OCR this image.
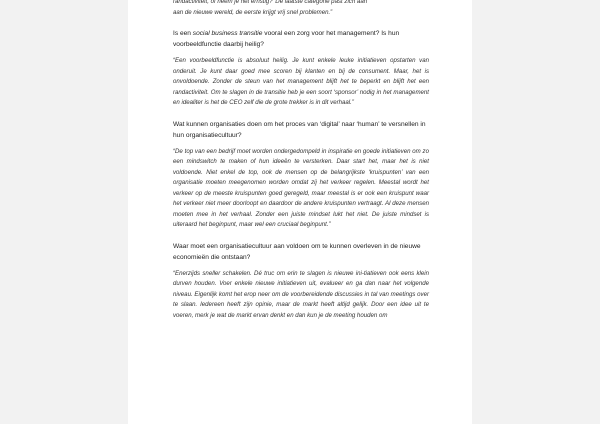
randactiviteit, of neem je het ernstig?’ De laatste categorie past zich aan
aan de nieuwe wereld, de eerste krijgt vrij snel problemen.”

Is een social business transitie vooral een zorg voor het management? Is hun voorbeeldfunctie daarbij heilig?

“Een voorbeeldfunctie is absoluut heilig. Je kunt enkele leuke initiatieven opstarten van onderuit. Je kunt daar goed mee scoren bij klanten en bij de consument. Maar, het is onvoldoende. Zonder de steun van het management blijft het te beperkt en blijft het een randactiviteit. Om te slagen in de transitie heb je een soort ‘sponsor’ nodig in het management en idealiter is het de CEO zelf die de grote trekker is in dit verhaal.”

Wat kunnen organisaties doen om het proces van ‘digital’ naar ‘human’ te versnellen in hun organisatiecultuur?

“De top van een bedrijf moet worden ondergedompeld in inspiratie en goede initiatieven om zo een mindswitch te maken of hun ideeën te versterken. Daar start het, maar het is niet voldoende. Niet enkel de top, ook de mensen op de belangrijkste ‘kruispunten’ van een organisatie moeten meegenomen worden omdat zij het verkeer regelen. Meestal wordt het verkeer op de meeste kruispunten goed geregeld, maar meestal is er ook een kruispunt waar het verkeer niet meer doorloopt en daardoor de andere kruispunten vertraagt. Al deze mensen moeten mee in het verhaal. Zonder een juiste mindset lukt het niet. De juiste mindset is uiteraard het beginpunt, maar wel een cruciaal beginpunt.”

Waar moet een organisatiecultuur aan voldoen om te kunnen overleven in de nieuwe economieën die ontstaan?

“Enerzijds sneller schakelen. Dé truc om erin te slagen is nieuwe ini-tiatieven ook eens klein durven houden. Voer enkele nieuwe initiatieven uit, evalueer en ga dan naar het volgende niveau. Eigenlijk komt het erop neer om de voorbereidende discussies in tal van meetings over te slaan. Iedereen heeft zijn opinie, maar de markt heeft altijd gelijk. Door een idee uit te voeren, merk je wat de markt ervan denkt en dan kun je de meeting houden om
